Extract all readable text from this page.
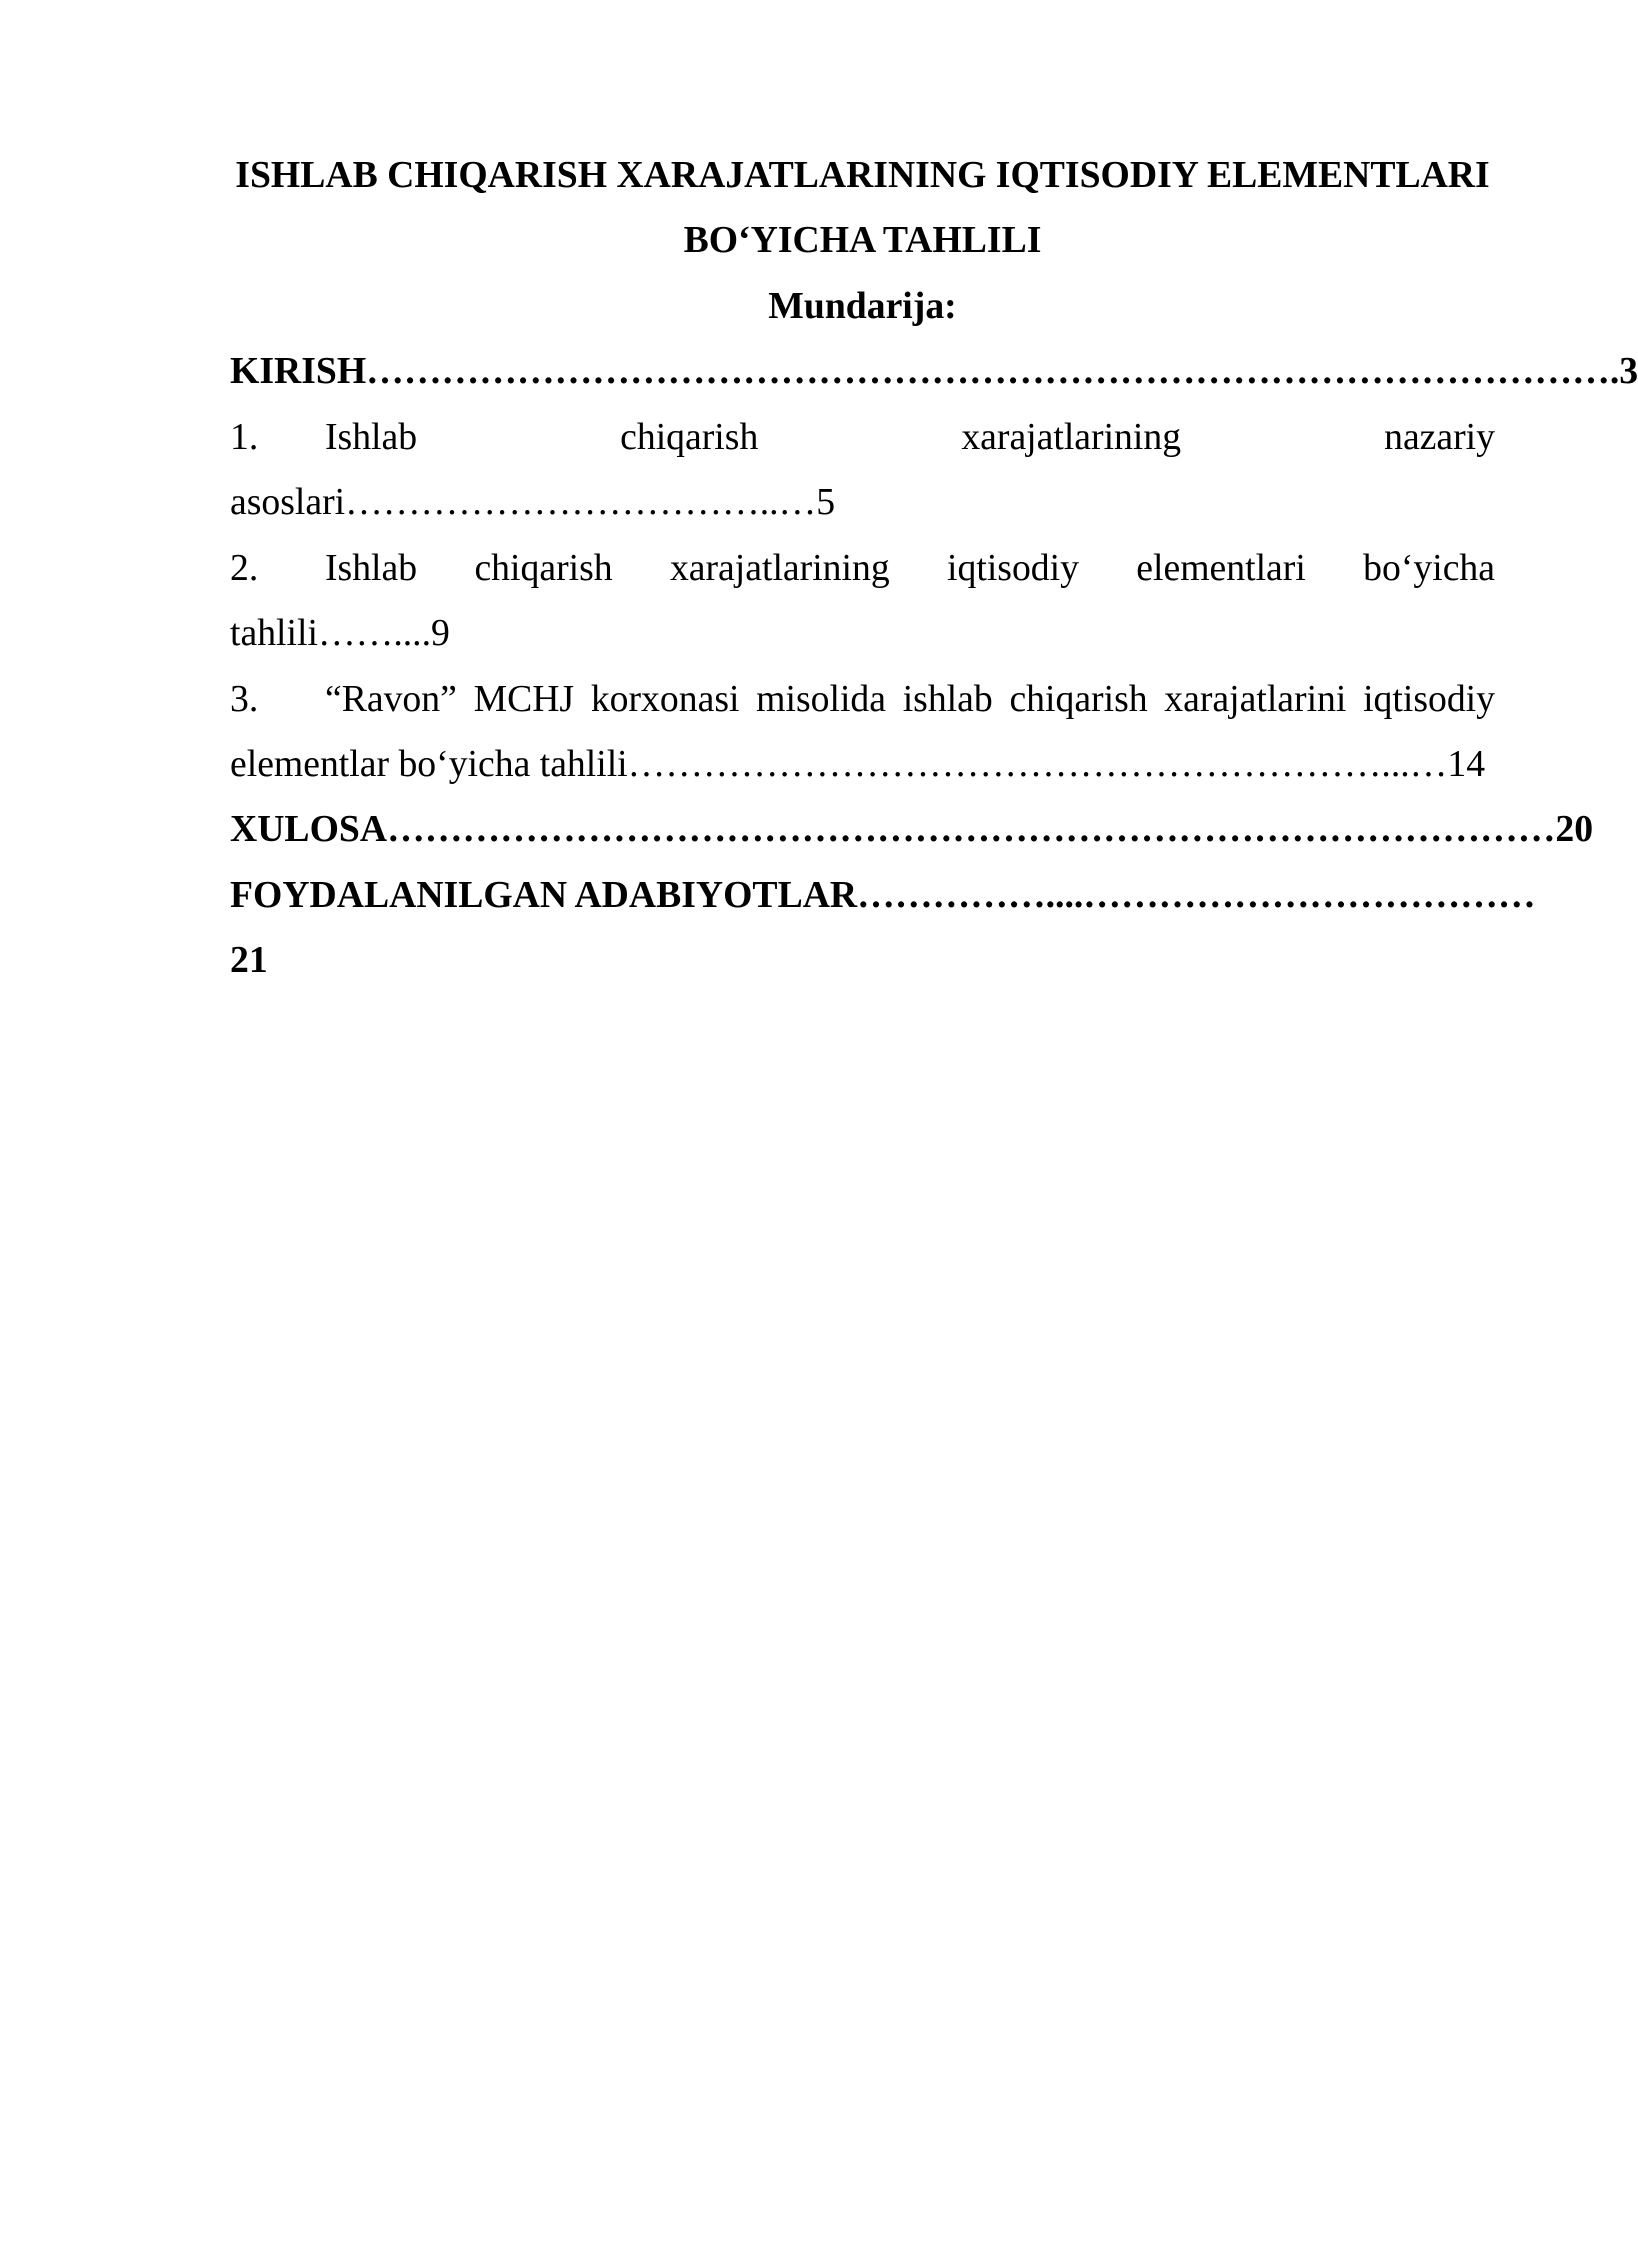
ISHLAB CHIQARISH XARAJATLARINING IQTISODIY ELEMENTLARI
BO‘YICHA TAHLILI
Mundarija:
KIRISH……………………………………………………………………………………….3
1. Ishlab chiqarish xarajatlarining nazariy
asoslari……………………………..…5
2. Ishlab chiqarish xarajatlarining iqtisodiy elementlari bo‘yicha
tahlili……....9
3. “Ravon” MCHJ korxonasi misolida ishlab chiqarish xarajatlarini iqtisodiy
elementlar bo‘yicha tahlili……………………………………………………...…14
XULOSA…………………………………………………………………………………20
FOYDALANILGAN ADABIYOTLAR……………....………………………………
21
